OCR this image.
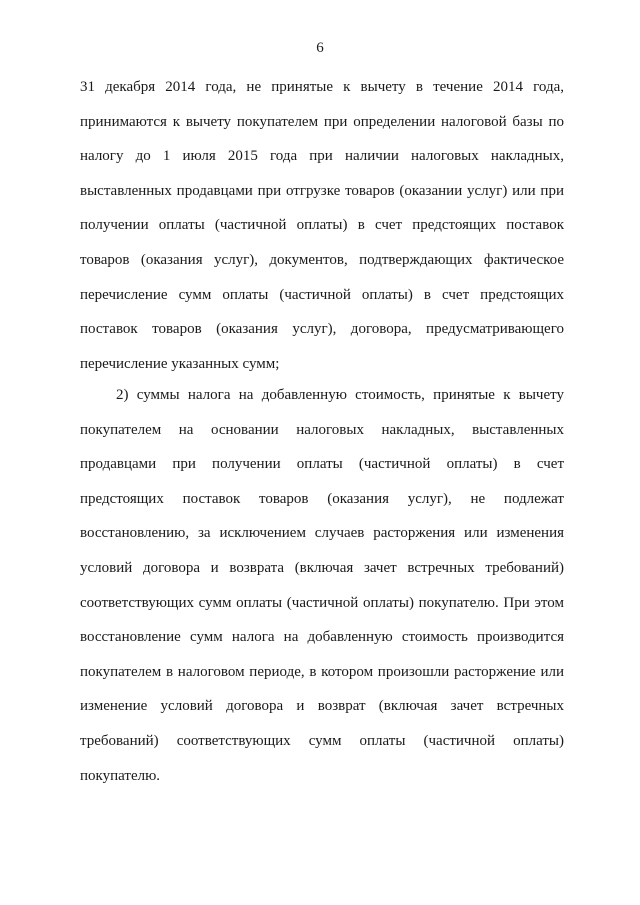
6
31 декабря 2014 года, не принятые к вычету в течение 2014 года,
принимаются к вычету покупателем при определении налоговой базы по
налогу до 1 июля 2015 года при наличии налоговых накладных,
выставленных продавцами при отгрузке товаров (оказании услуг) или при
получении оплаты (частичной оплаты) в счет предстоящих поставок
товаров (оказания услуг), документов, подтверждающих фактическое
перечисление сумм оплаты (частичной оплаты) в счет предстоящих
поставок товаров (оказания услуг), договора, предусматривающего
перечисление указанных сумм;
2) суммы налога на добавленную стоимость, принятые к вычету
покупателем на основании налоговых накладных, выставленных
продавцами при получении оплаты (частичной оплаты) в счет
предстоящих поставок товаров (оказания услуг), не подлежат
восстановлению, за исключением случаев расторжения или изменения
условий договора и возврата (включая зачет встречных требований)
соответствующих сумм оплаты (частичной оплаты) покупателю. При этом
восстановление сумм налога на добавленную стоимость производится
покупателем в налоговом периоде, в котором произошли расторжение или
изменение условий договора и возврат (включая зачет встречных
требований) соответствующих сумм оплаты (частичной оплаты)
покупателю.
